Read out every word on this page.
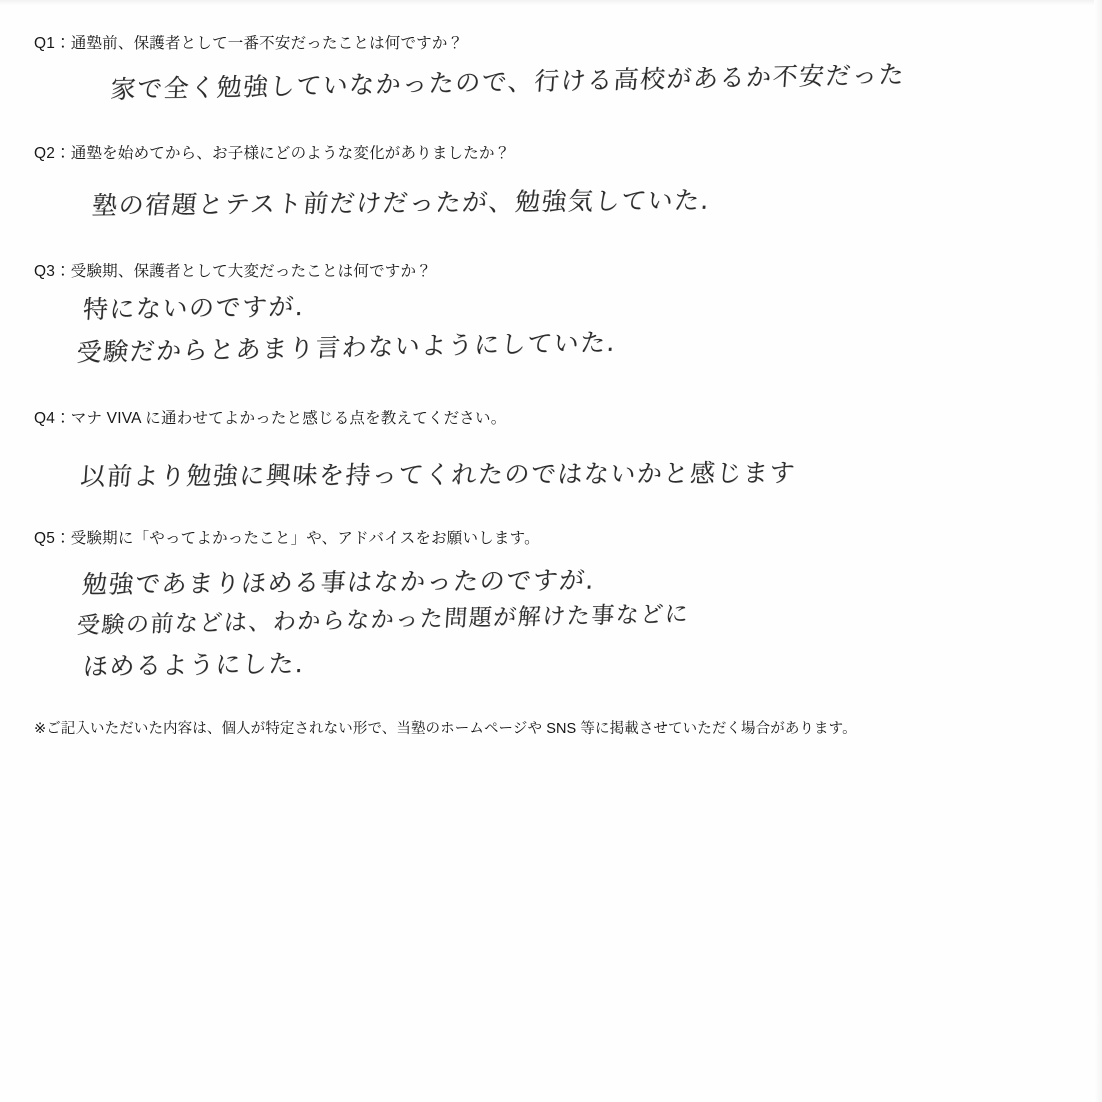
Q1：通塾前、保護者として一番不安だったことは何ですか？
家で全く勉強していなかったので、行ける高校があるか不安だった
Q2：通塾を始めてから、お子様にどのような変化がありましたか？
塾の宿題とテスト前だけだったが、勉強気していた.
Q3：受験期、保護者として大変だったことは何ですか？
特にないのですが.
受験だからとあまり言わないようにしていた.
Q4：マナ VIVA に通わせてよかったと感じる点を教えてください。
以前より勉強に興味を持ってくれたのではないかと感じます
Q5：受験期に「やってよかったこと」や、アドバイスをお願いします。
勉強であまりほめる事はなかったのですが.
受験の前などは、わからなかった問題が解けた事などに
ほめるようにした.
※ご記入いただいた内容は、個人が特定されない形で、当塾のホームページや SNS 等に掲載させていただく場合があります。
